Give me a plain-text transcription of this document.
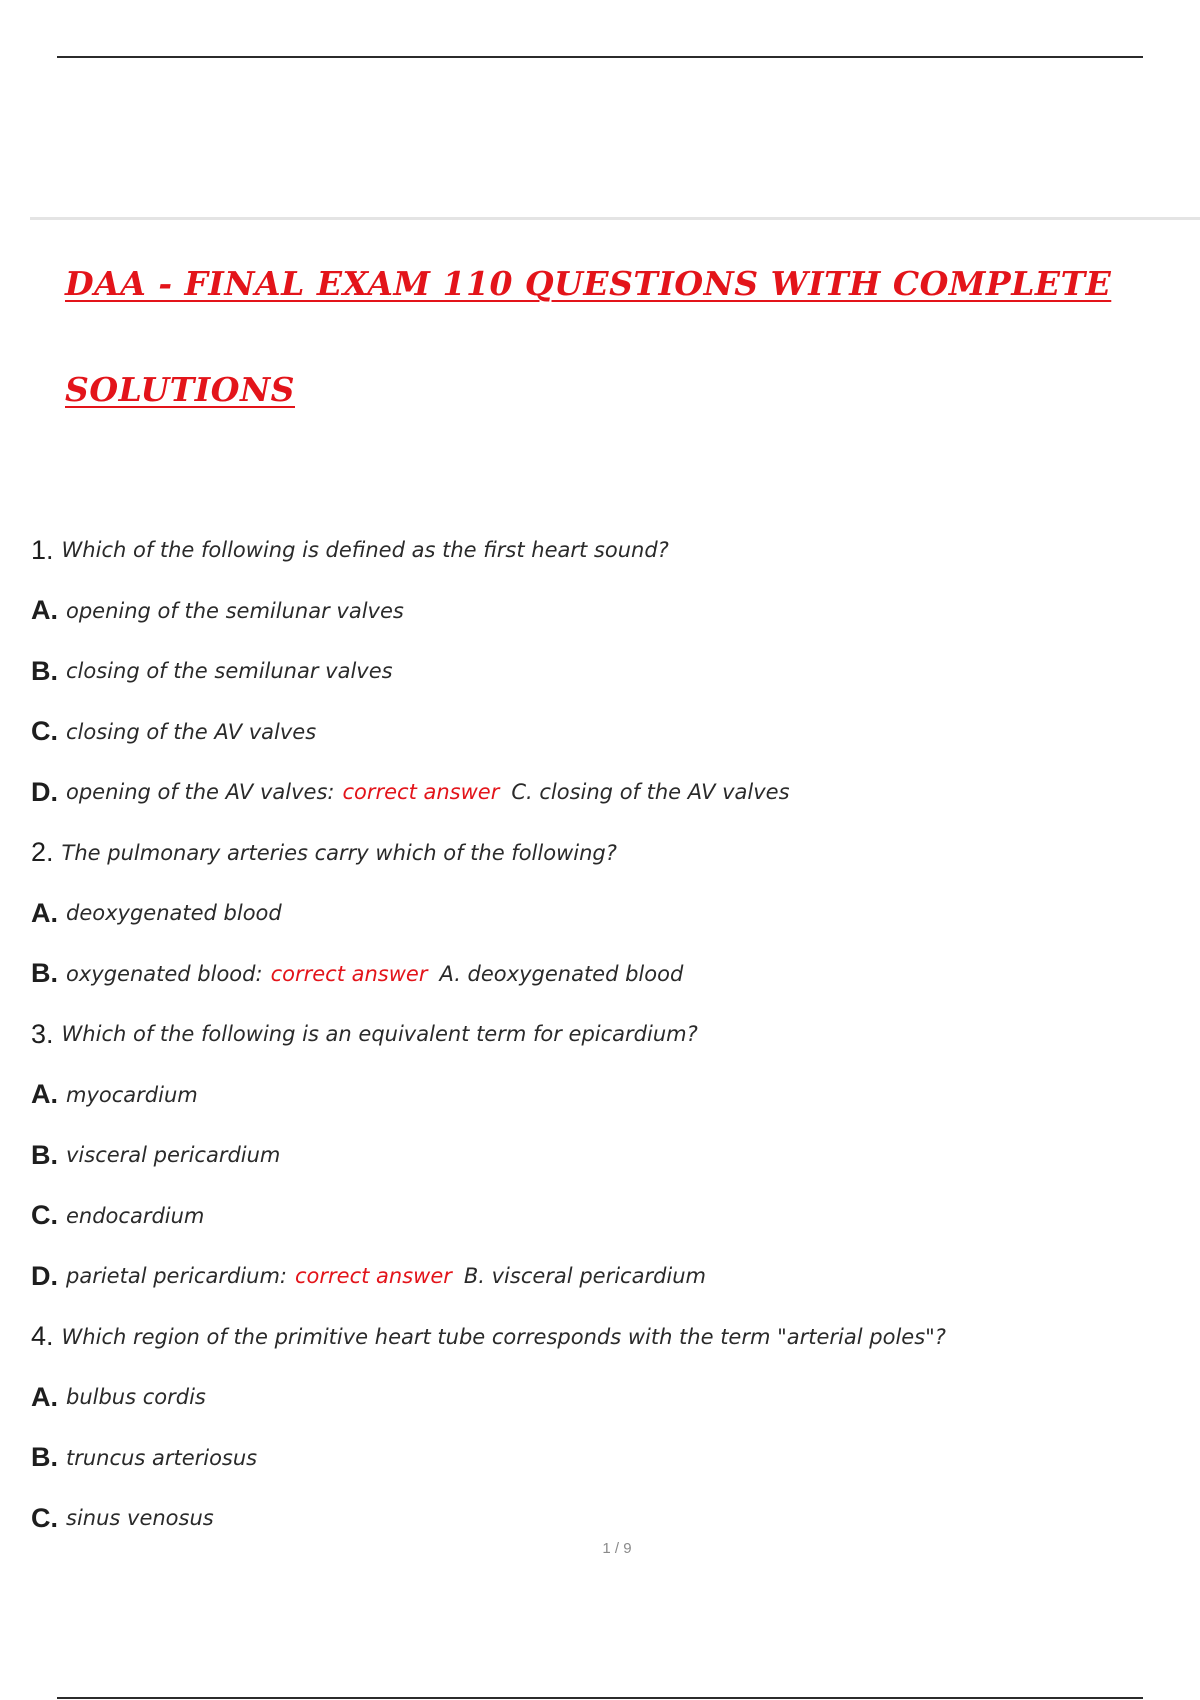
DAA - FINAL EXAM 110 QUESTIONS WITH COMPLETE
SOLUTIONS
1. Which of the following is defined as the first heart sound?
A. opening of the semilunar valves
B. closing of the semilunar valves
C. closing of the AV valves
D. opening of the AV valves: correct answer C. closing of the AV valves
2. The pulmonary arteries carry which of the following?
A. deoxygenated blood
B. oxygenated blood: correct answer A. deoxygenated blood
3. Which of the following is an equivalent term for epicardium?
A. myocardium
B. visceral pericardium
C. endocardium
D. parietal pericardium: correct answer B. visceral pericardium
4. Which region of the primitive heart tube corresponds with the term "arterial poles"?
A. bulbus cordis
B. truncus arteriosus
C. sinus venosus
1 / 9
